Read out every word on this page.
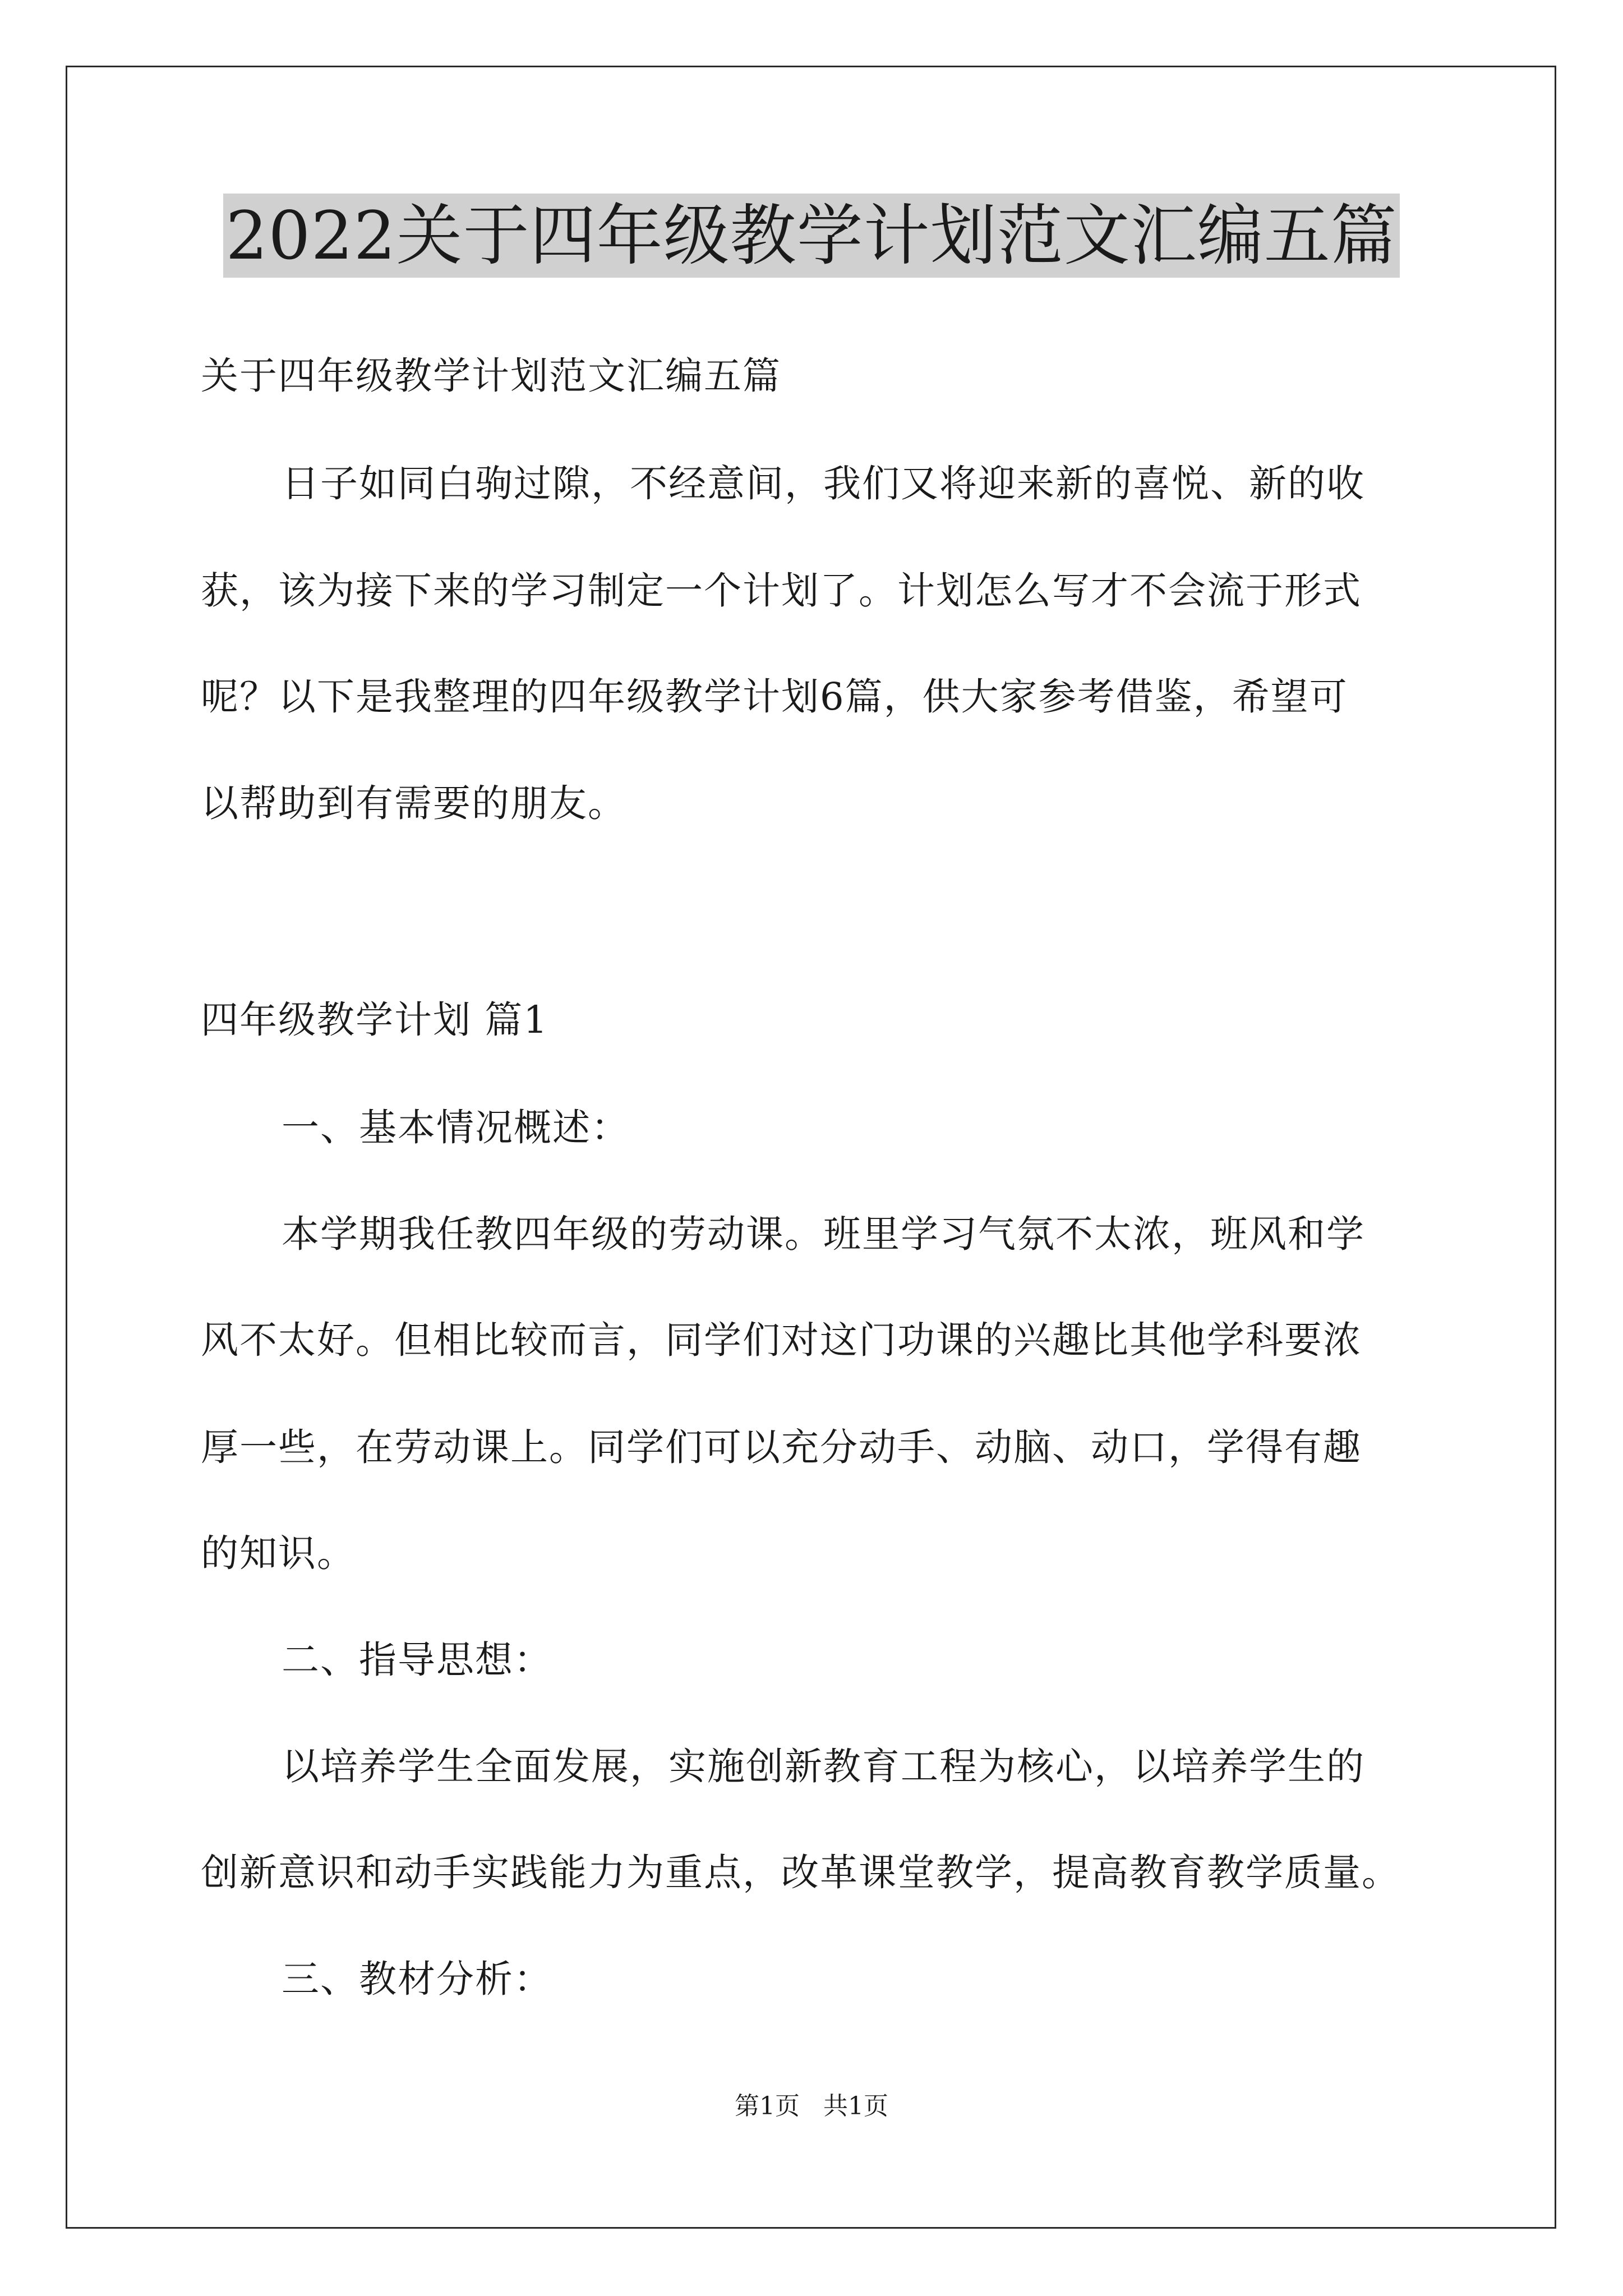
2022关于四年级教学计划范文汇编五篇
关于四年级教学计划范文汇编五篇
日子如同白驹过隙，不经意间，我们又将迎来新的喜悦、新的收
获，该为接下来的学习制定一个计划了。计划怎么写才不会流于形式
呢？以下是我整理的四年级教学计划6篇，供大家参考借鉴，希望可
以帮助到有需要的朋友。
四年级教学计划 篇1
一、基本情况概述：
本学期我任教四年级的劳动课。班里学习气氛不太浓，班风和学
风不太好。但相比较而言，同学们对这门功课的兴趣比其他学科要浓
厚一些，在劳动课上。同学们可以充分动手、动脑、动口，学得有趣
的知识。
二、指导思想：
以培养学生全面发展，实施创新教育工程为核心，以培养学生的
创新意识和动手实践能力为重点，改革课堂教学，提高教育教学质量。
三、教材分析：
第1页   共1页
